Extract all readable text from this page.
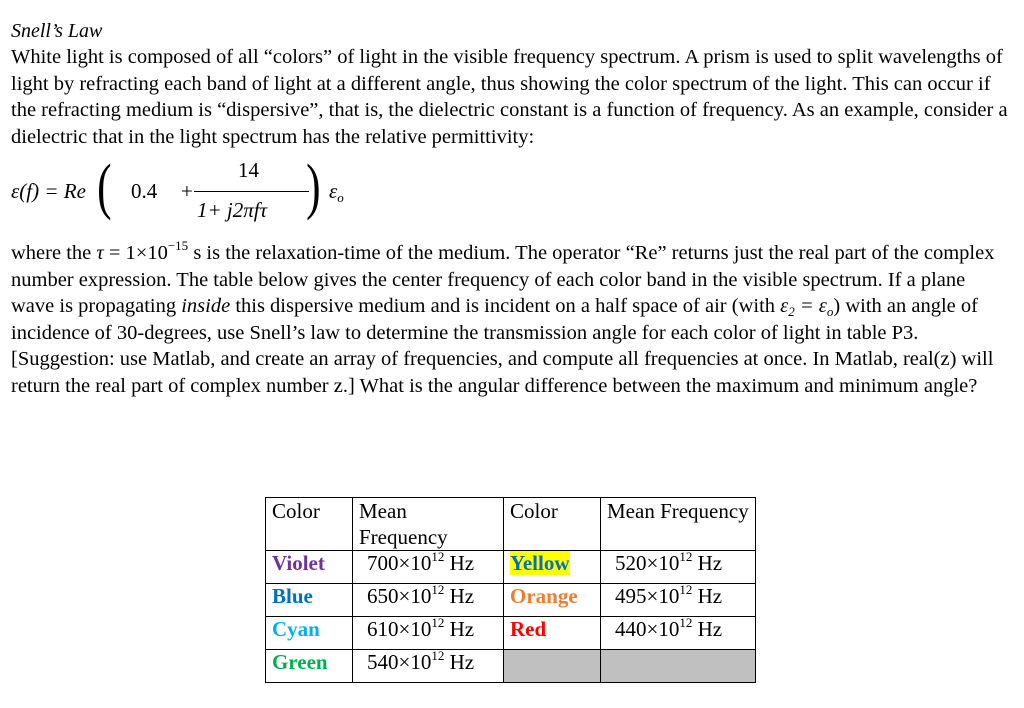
Snell’s Law

White light is composed of all “colors” of light in the visible frequency spectrum. A prism is used to split wavelengths of light by refracting each band of light at a different angle, thus showing the color spectrum of the light. This can occur if the refracting medium is “dispersive”, that is, the dielectric constant is a function of frequency. As an example, consider a dielectric that in the light spectrum has the relative permittivity:

ε(f) = Re ( 0.4 +
14
1+ j2πfτ ) $\varepsilon_o$

where the $\tau = 1\times 10^{-15}$ s is the relaxation-time of the medium. The operator “Re” returns just the real part of the complex number expression. The table below gives the center frequency of each color band in the visible spectrum. If a plane wave is propagating inside this dispersive medium and is incident on a half space of air (with $\varepsilon_2 = \varepsilon_o$) with an angle of incidence of 30-degrees, use Snell’s law to determine the transmission angle for each color of light in table P3. [Suggestion: use Matlab, and create an array of frequencies, and compute all frequencies at once. In Matlab, real(z) will return the real part of complex number z.] What is the angular difference between the maximum and minimum angle?

Color	Mean Frequency	Color	Mean Frequency
Violet	$700\times 10^{12}$ Hz	Yellow	$520\times 10^{12}$ Hz
Blue	$650\times 10^{12}$ Hz	Orange	$495\times 10^{12}$ Hz
Cyan	$610\times 10^{12}$ Hz	Red	$440\times 10^{12}$ Hz
Green	$540\times 10^{12}$ Hz		
